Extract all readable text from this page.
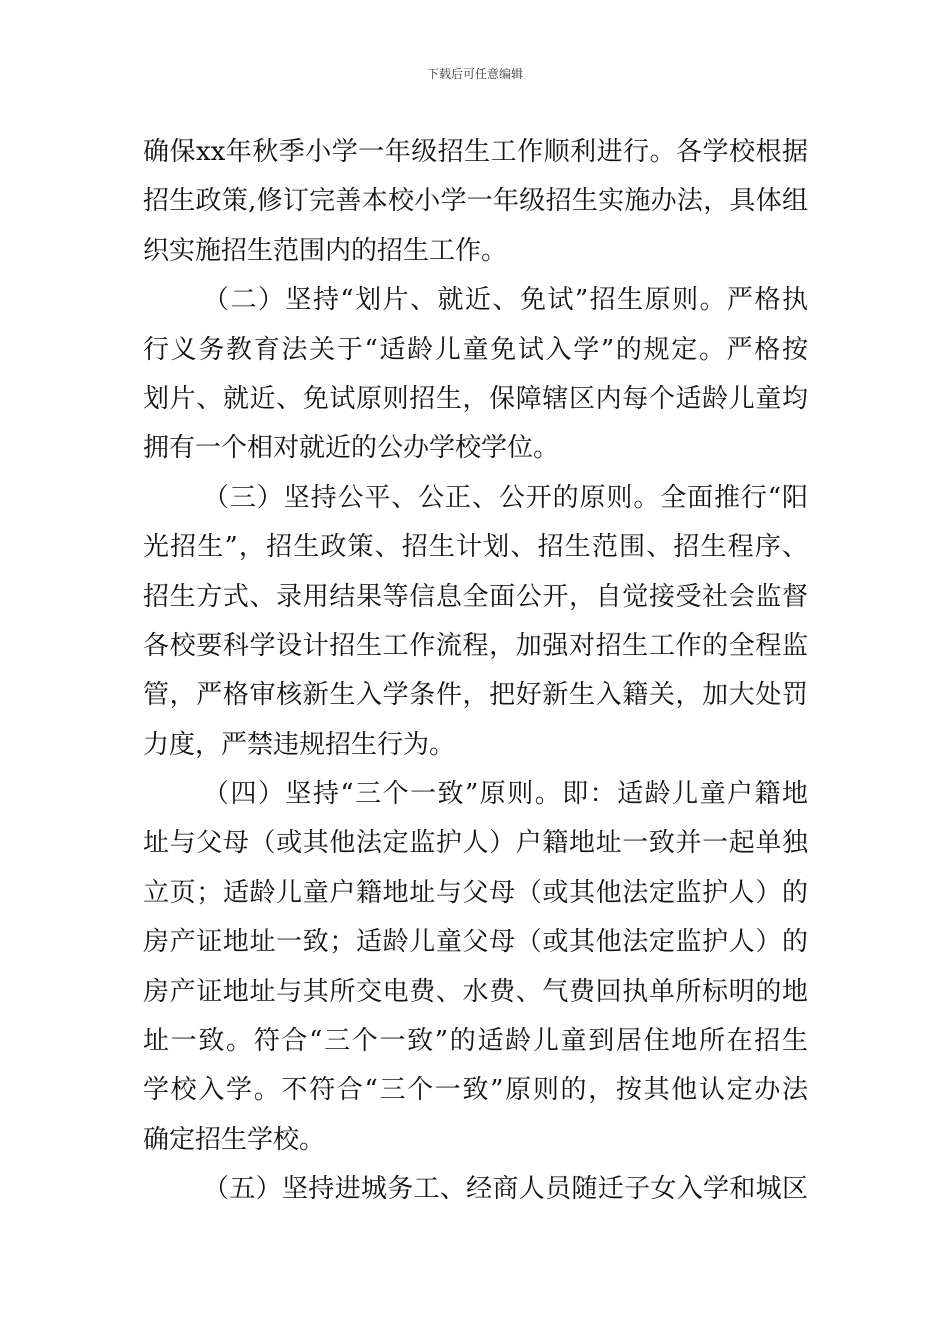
下载后可任意编辑
确保xx年秋季小学一年级招生工作顺利进行。各学校根据
招生政策,修订完善本校小学一年级招生实施办法，具体组
织实施招生范围内的招生工作。
（二）坚持“划片、就近、免试”招生原则。严格执
行义务教育法关于“适龄儿童免试入学”的规定。严格按
划片、就近、免试原则招生，保障辖区内每个适龄儿童均
拥有一个相对就近的公办学校学位。
（三）坚持公平、公正、公开的原则。全面推行“阳
光招生”，招生政策、招生计划、招生范围、招生程序、
招生方式、录用结果等信息全面公开，自觉接受社会监督
各校要科学设计招生工作流程，加强对招生工作的全程监
管，严格审核新生入学条件，把好新生入籍关，加大处罚
力度，严禁违规招生行为。
（四）坚持“三个一致”原则。即：适龄儿童户籍地
址与父母（或其他法定监护人）户籍地址一致并一起单独
立页；适龄儿童户籍地址与父母（或其他法定监护人）的
房产证地址一致；适龄儿童父母（或其他法定监护人）的
房产证地址与其所交电费、水费、气费回执单所标明的地
址一致。符合“三个一致”的适龄儿童到居住地所在招生
学校入学。不符合“三个一致”原则的，按其他认定办法
确定招生学校。
（五）坚持进城务工、经商人员随迁子女入学和城区
